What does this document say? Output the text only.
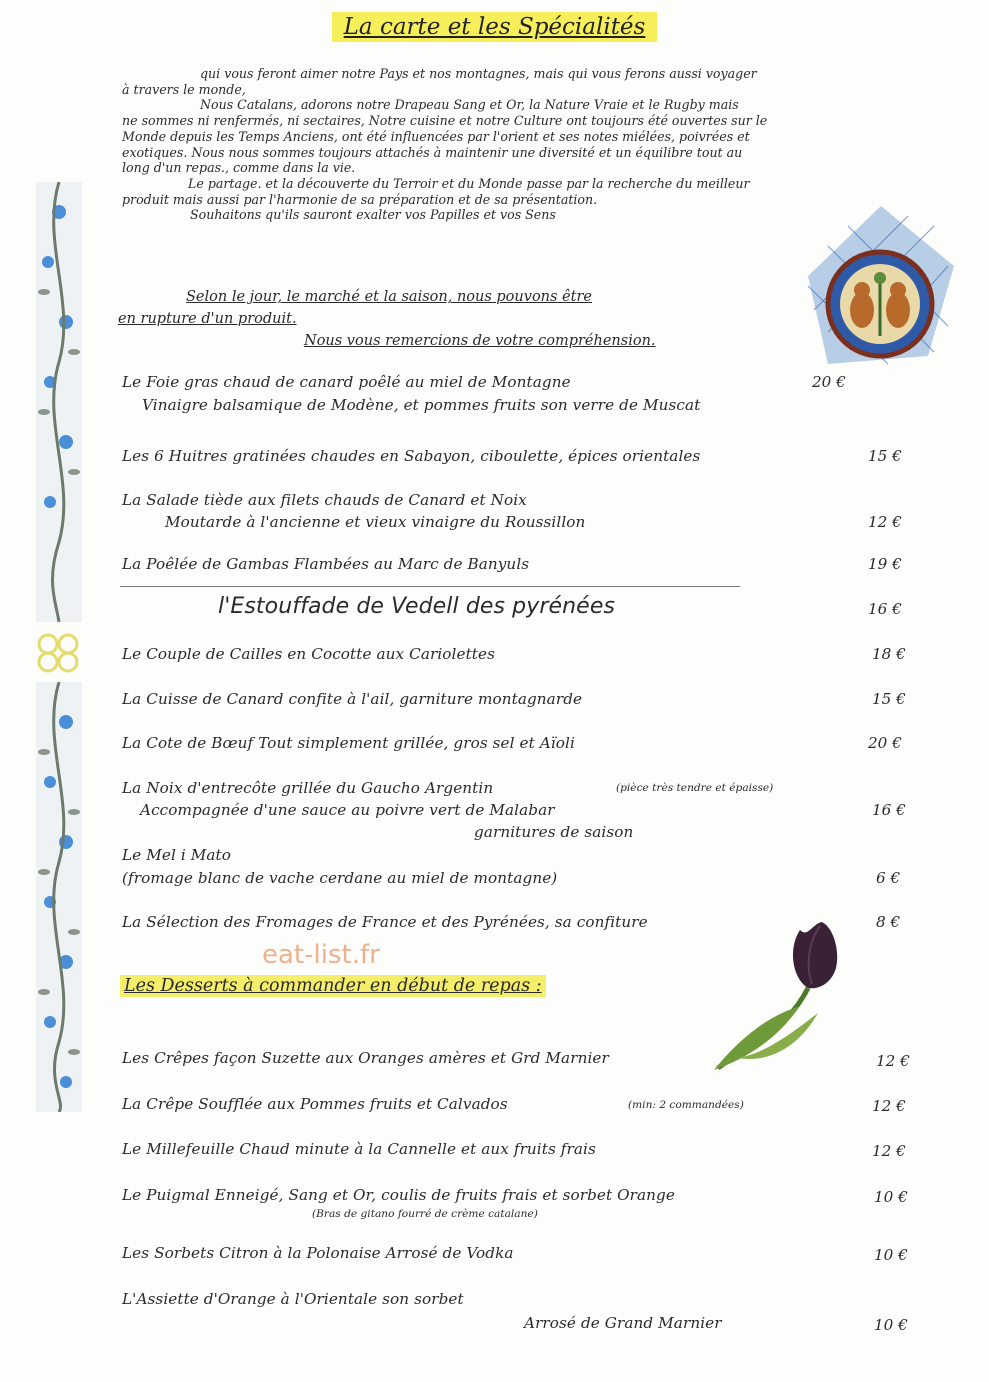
La carte et les Spécialités

qui vous feront aimer notre Pays et nos montagnes, mais qui vous ferons aussi voyager

à travers le monde,

Nous Catalans, adorons notre Drapeau Sang et Or, la Nature Vraie et le Rugby mais

ne sommes ni renfermés, ni sectaires, Notre cuisine et notre Culture ont toujours été ouvertes sur le

Monde depuis les Temps Anciens, ont été influencées par l'orient et ses notes miélées, poivrées et

exotiques. Nous nous sommes toujours attachés à maintenir une diversité et un équilibre tout au

long d'un repas., comme dans la vie.

Le partage. et la découverte du Terroir et du Monde passe par la recherche du meilleur

produit mais aussi par l'harmonie de sa préparation et de sa présentation.

Souhaitons qu'ils sauront exalter vos Papilles et vos Sens

Selon le jour, le marché et la saison, nous pouvons être

en rupture d'un produit.

Nous vous remercions de votre compréhension.

Le Foie gras chaud de canard poêlé au miel de Montagne
Vinaigre balsamique de Modène, et pommes fruits son verre de Muscat
20 €
Les 6 Huitres gratinées chaudes en Sabayon, ciboulette, épices orientales	15 €
La Salade tiède aux filets chauds de Canard et Noix
Moutarde à l'ancienne et vieux vinaigre du Roussillon	12 €
La Poêlée de Gambas Flambées au Marc de Banyuls	19 €
l'Estouffade de Vedell des pyrénées	16 €
Le Couple de Cailles en Cocotte aux Cariolettes	18 €
La Cuisse de Canard confite à l'ail, garniture montagnarde	15 €
La Cote de Bœuf Tout simplement grillée, gros sel et Aïoli	20 €
La Noix d'entrecôte grillée du Gaucho Argentin	(pièce très tendre et épaisse)
Accompagnée d'une sauce au poivre vert de Malabar
garnitures de saison
16 €
Le Mel i Mato
(fromage blanc de vache cerdane au miel de montagne)	6 €
La Sélection des Fromages de France et des Pyrénées, sa confiture	8 €
eat-list.fr
Les Desserts à commander en début de repas :
Les Crêpes façon Suzette aux Oranges amères et Grd Marnier	12 €
La Crêpe Soufflée aux Pommes fruits et Calvados	(min: 2 commandées)	12 €
Le Millefeuille Chaud minute à la Cannelle et aux fruits frais	12 €
Le Puigmal Enneigé, Sang et Or, coulis de fruits frais et sorbet Orange
(Bras de gitano fourré de crème catalane)
10 €
Les Sorbets Citron à la Polonaise Arrosé de Vodka	10 €
L'Assiette d'Orange à l'Orientale son sorbet
Arrosé de Grand Marnier	10 €
